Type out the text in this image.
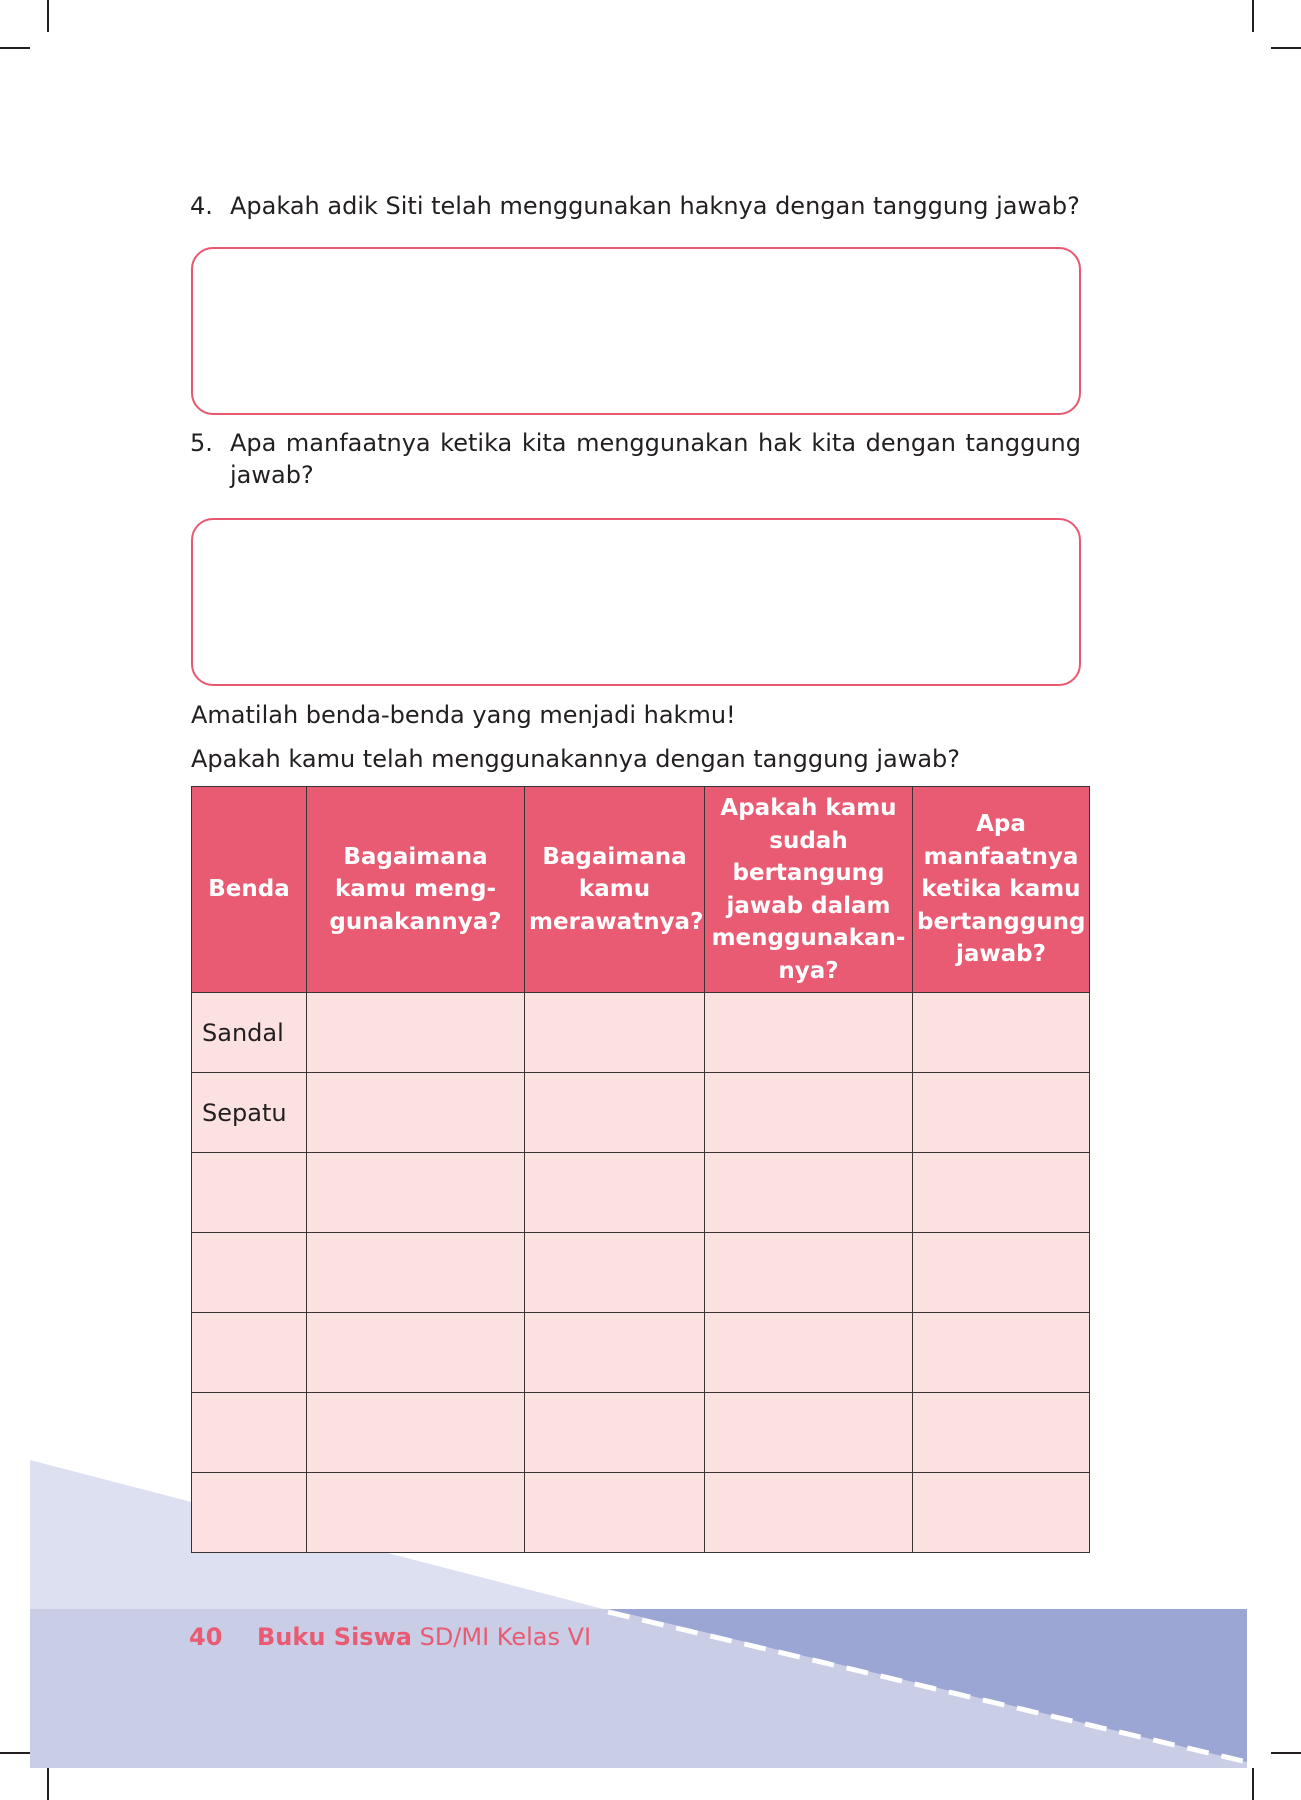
4. Apakah adik Siti telah menggunakan haknya dengan tanggung jawab?
5. Apa manfaatnya ketika kita menggunakan hak kita dengan tanggung jawab?
Amatilah benda-benda yang menjadi hakmu!
Apakah kamu telah menggunakannya dengan tanggung jawab?
Benda	Bagaimana kamu meng-gunakannya?	Bagaimana kamu merawatnya?	Apakah kamu sudah bertangung jawab dalam menggunakan-nya?	Apa manfaatnya ketika kamu bertanggung jawab?
Sandal				
Sepatu				

40 Buku Siswa SD/MI Kelas VI
